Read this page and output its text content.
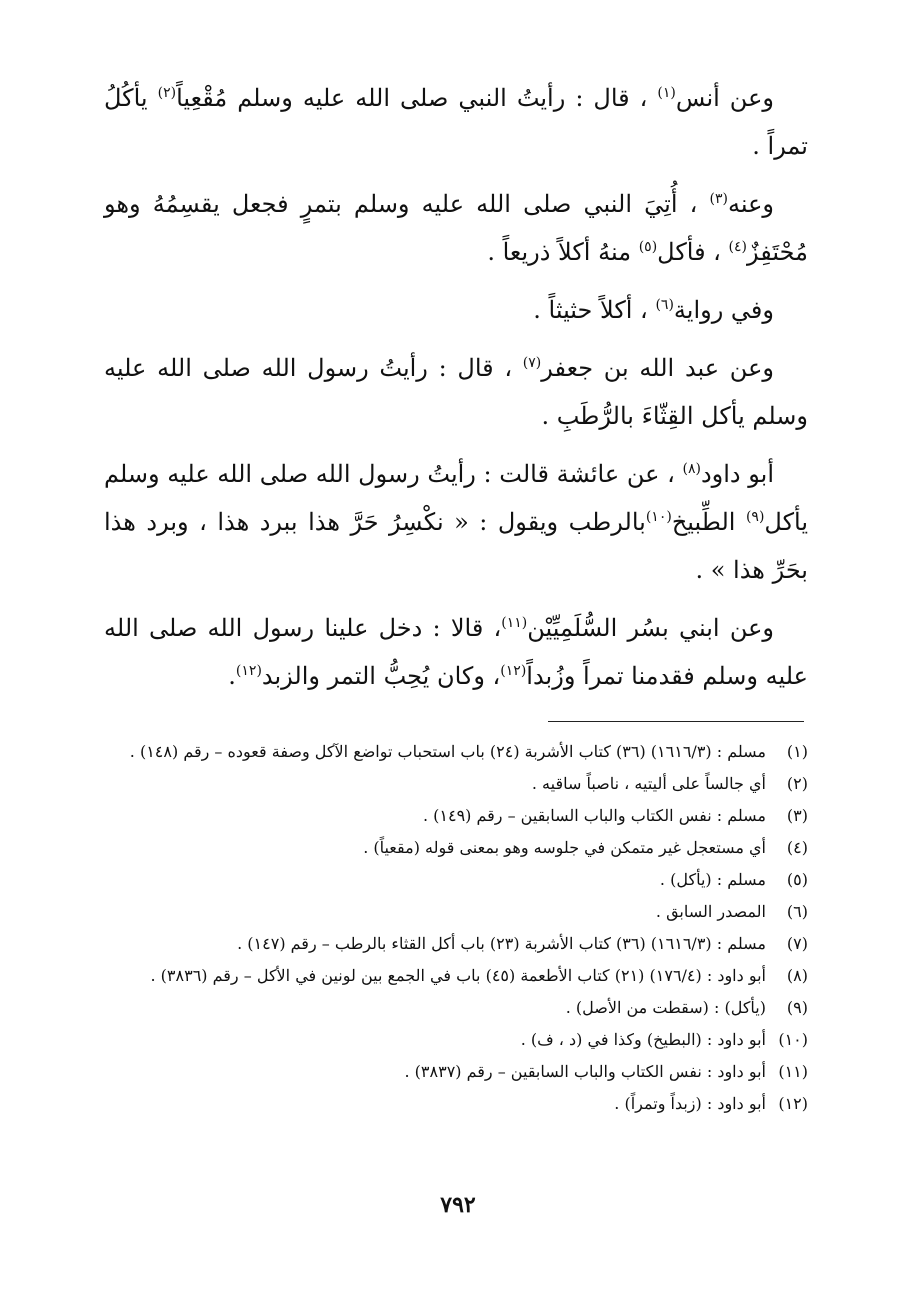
وعن أنس$^{(١)}$ ، قال : رأيتُ النبي صلى الله عليه وسلم مُقْعِياً$^{(٢)}$ يأكُلُ تمراً .

وعنه$^{(٣)}$ ، أُتِيَ النبي صلى الله عليه وسلم بتمرٍ فجعل يقسِمُهُ وهو مُحْتَفِزٌ$^{(٤)}$ ، فأكل$^{(٥)}$ منهُ أكلاً ذريعاً .

وفي رواية$^{(٦)}$ ، أكلاً حثيثاً .

وعن عبد الله بن جعفر$^{(٧)}$ ، قال : رأيتُ رسول الله صلى الله عليه وسلم يأكل القِثّاءَ بالرُّطَبِ .

أبو داود$^{(٨)}$ ، عن عائشة قالت : رأيتُ رسول الله صلى الله عليه وسلم يأكل$^{(٩)}$ الطِّبيخ$^{(١٠)}$بالرطب ويقول : « نكْسِرُ حَرَّ هذا ببرد هذا ، وبرد هذا بحَرِّ هذا » .

وعن ابني بسُر السُّلَمِيِّيْن$^{(١١)}$، قالا : دخل علينا رسول الله صلى الله عليه وسلم فقدمنا تمراً وزُبداً$^{(١٢)}$، وكان يُحِبُّ التمر والزبد$^{(١٢)}$.

(١)
مسلم : (١٦١٦/٣) (٣٦) كتاب الأشربة (٢٤) باب استحباب تواضع الآكل وصفة قعوده – رقم (١٤٨) .
(٢)
أي جالساً على أليتيه ، ناصباً ساقيه .
(٣)
مسلم : نفس الكتاب والباب السابقين – رقم (١٤٩) .
(٤)
أي مستعجل غير متمكن في جلوسه وهو بمعنى قوله (مقعياً) .
(٥)
مسلم : (يأكل) .
(٦)
المصدر السابق .
(٧)
مسلم : (١٦١٦/٣) (٣٦) كتاب الأشربة (٢٣) باب أكل القثاء بالرطب – رقم (١٤٧) .
(٨)
أبو داود : (١٧٦/٤) (٢١) كتاب الأطعمة (٤٥) باب في الجمع بين لونين في الأكل – رقم (٣٨٣٦) .
(٩)
(يأكل) : (سقطت من الأصل) .
(١٠)
أبو داود : (البطيخ) وكذا في (د ، ف) .
(١١)
أبو داود : نفس الكتاب والباب السابقين – رقم (٣٨٣٧) .
(١٢)
أبو داود : (زبداً وتمراً) .
٧٩٢
